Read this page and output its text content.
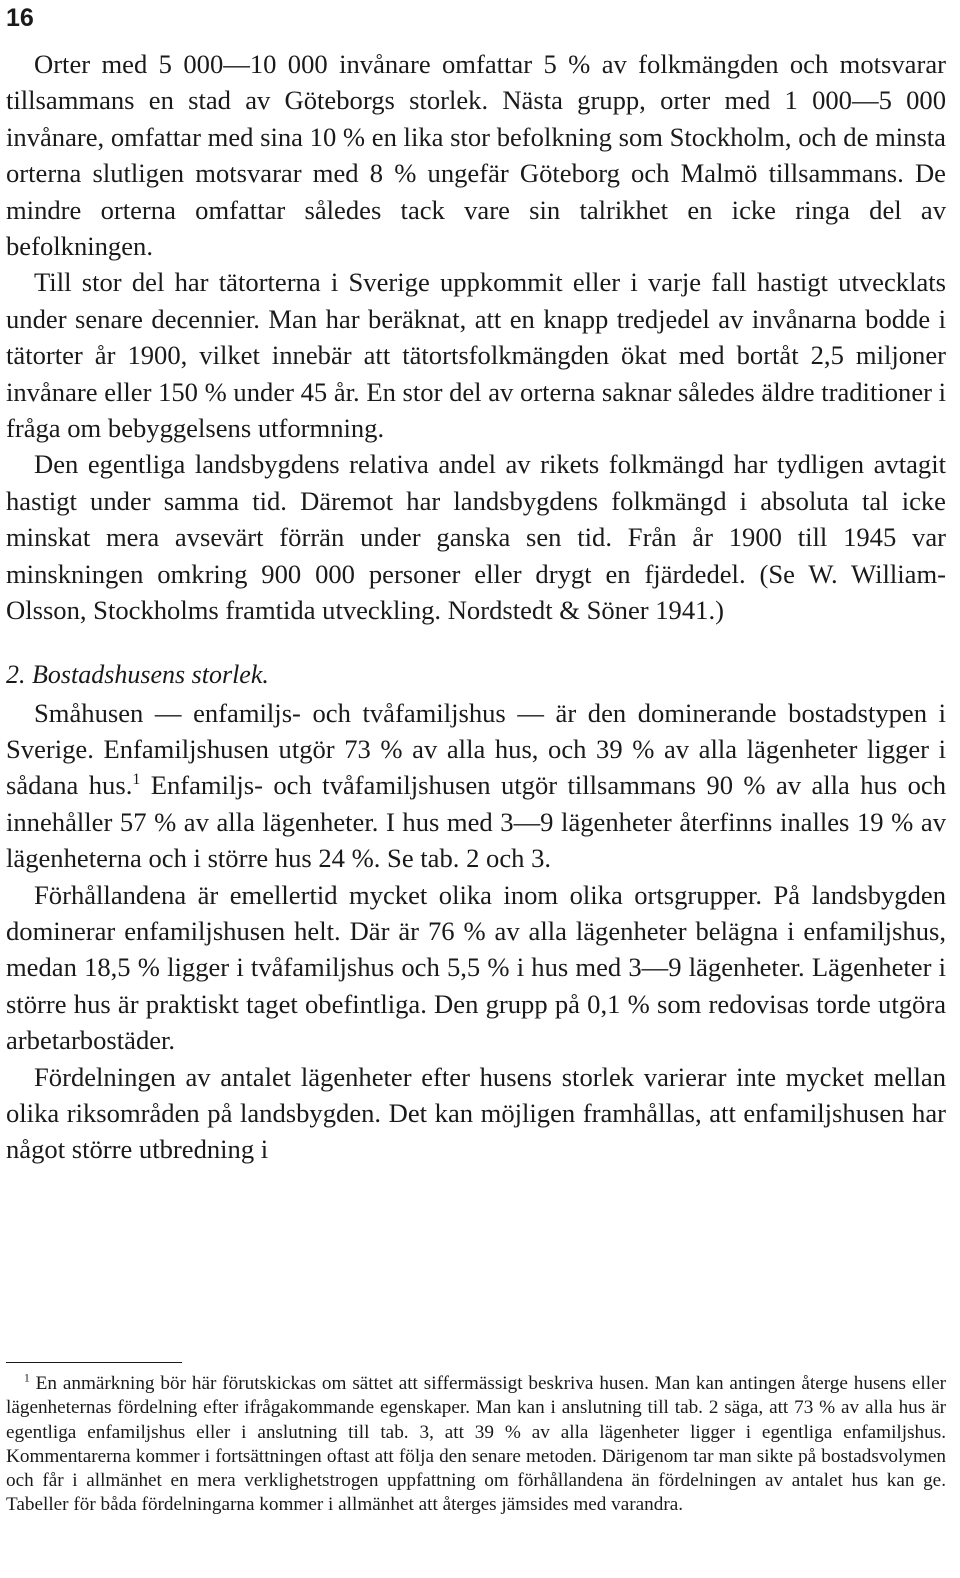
16

Orter med 5 000—10 000 invånare omfattar 5 % av folkmängden och motsvarar tillsammans en stad av Göteborgs storlek. Nästa grupp, orter med 1 000—5 000 invånare, omfattar med sina 10 % en lika stor befolkning som Stockholm, och de minsta orterna slutligen motsvarar med 8 % ungefär Göteborg och Malmö tillsammans. De mindre orterna omfattar således tack vare sin talrikhet en icke ringa del av befolkningen.

Till stor del har tätorterna i Sverige uppkommit eller i varje fall hastigt utvecklats under senare decennier. Man har beräknat, att en knapp tredjedel av invånarna bodde i tätorter år 1900, vilket innebär att tätortsfolkmängden ökat med bortåt 2,5 miljoner invånare eller 150 % under 45 år. En stor del av orterna saknar således äldre traditioner i fråga om bebyggelsens utformning.

Den egentliga landsbygdens relativa andel av rikets folkmängd har tydligen avtagit hastigt under samma tid. Däremot har landsbygdens folkmängd i absoluta tal icke minskat mera avsevärt förrän under ganska sen tid. Från år 1900 till 1945 var minskningen omkring 900 000 personer eller drygt en fjärdedel. (Se W. William-Olsson, Stockholms framtida utveckling. Nordstedt & Söner 1941.)

2. Bostadshusens storlek.

Småhusen — enfamiljs- och tvåfamiljshus — är den dominerande bostadstypen i Sverige. Enfamiljshusen utgör 73 % av alla hus, och 39 % av alla lägenheter ligger i sådana hus.$^1$ Enfamiljs- och tvåfamiljshusen utgör tillsammans 90 % av alla hus och innehåller 57 % av alla lägenheter. I hus med 3—9 lägenheter återfinns inalles 19 % av lägenheterna och i större hus 24 %. Se tab. 2 och 3.

Förhållandena är emellertid mycket olika inom olika ortsgrupper. På landsbygden dominerar enfamiljshusen helt. Där är 76 % av alla lägenheter belägna i enfamiljshus, medan 18,5 % ligger i tvåfamiljshus och 5,5 % i hus med 3—9 lägenheter. Lägenheter i större hus är praktiskt taget obefintliga. Den grupp på 0,1 % som redovisas torde utgöra arbetarbostäder.

Fördelningen av antalet lägenheter efter husens storlek varierar inte mycket mellan olika riksområden på landsbygden. Det kan möjligen framhållas, att enfamiljshusen har något större utbredning i

$^1$ En anmärkning bör här förutskickas om sättet att siffermässigt beskriva husen. Man kan antingen återge husens eller lägenheternas fördelning efter ifrågakommande egenskaper. Man kan i anslutning till tab. 2 säga, att 73 % av alla hus är egentliga enfamiljshus eller i anslutning till tab. 3, att 39 % av alla lägenheter ligger i egentliga enfamiljshus. Kommentarerna kommer i fortsättningen oftast att följa den senare metoden. Därigenom tar man sikte på bostadsvolymen och får i allmänhet en mera verklighetstrogen uppfattning om förhållandena än fördelningen av antalet hus kan ge. Tabeller för båda fördelningarna kommer i allmänhet att återges jämsides med varandra.
